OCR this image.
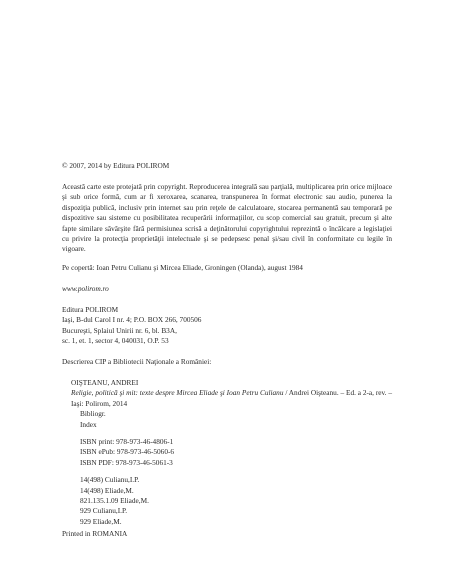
© 2007, 2014 by Editura POLIROM
Această carte este protejată prin copyright. Reproducerea integrală sau parţială, multiplicarea prin orice mijloace şi sub orice formă, cum ar fi xeroxarea, scanarea, transpunerea în format electronic sau audio, punerea la dispoziţia publică, inclusiv prin internet sau prin reţele de calculatoare, stocarea permanentă sau temporară pe dispozitive sau sisteme cu posibilitatea recuperării informaţiilor, cu scop comercial sau gratuit, precum şi alte fapte similare săvârşite fără permisiunea scrisă a deţinătorului copyrightului reprezintă o încălcare a legislaţiei cu privire la protecţia proprietăţii intelectuale şi se pedepsesc penal şi/sau civil în conformitate cu legile în vigoare.
Pe copertă: Ioan Petru Culianu şi Mircea Eliade, Groningen (Olanda), august 1984
www.polirom.ro
Editura POLIROM
Iaşi, B-dul Carol I nr. 4; P.O. BOX 266, 700506
Bucureşti, Splaiul Unirii nr. 6, bl. B3A,
sc. 1, et. 1, sector 4, 040031, O.P. 53
Descrierea CIP a Bibliotecii Naţionale a României:
OIŞTEANU, ANDREI
Religie, politică şi mit: texte despre Mircea Eliade şi Ioan Petru Culianu / Andrei Oişteanu. – Ed. a 2-a, rev. – Iaşi: Polirom, 2014
Bibliogr.
Index
ISBN print: 978-973-46-4806-1
ISBN ePub: 978-973-46-5060-6
ISBN PDF: 978-973-46-5061-3
14(498) Culianu,I.P.
14(498) Eliade,M.
821.135.1.09 Eliade,M.
929 Culianu,I.P.
929 Eliade,M.
Printed in ROMANIA
